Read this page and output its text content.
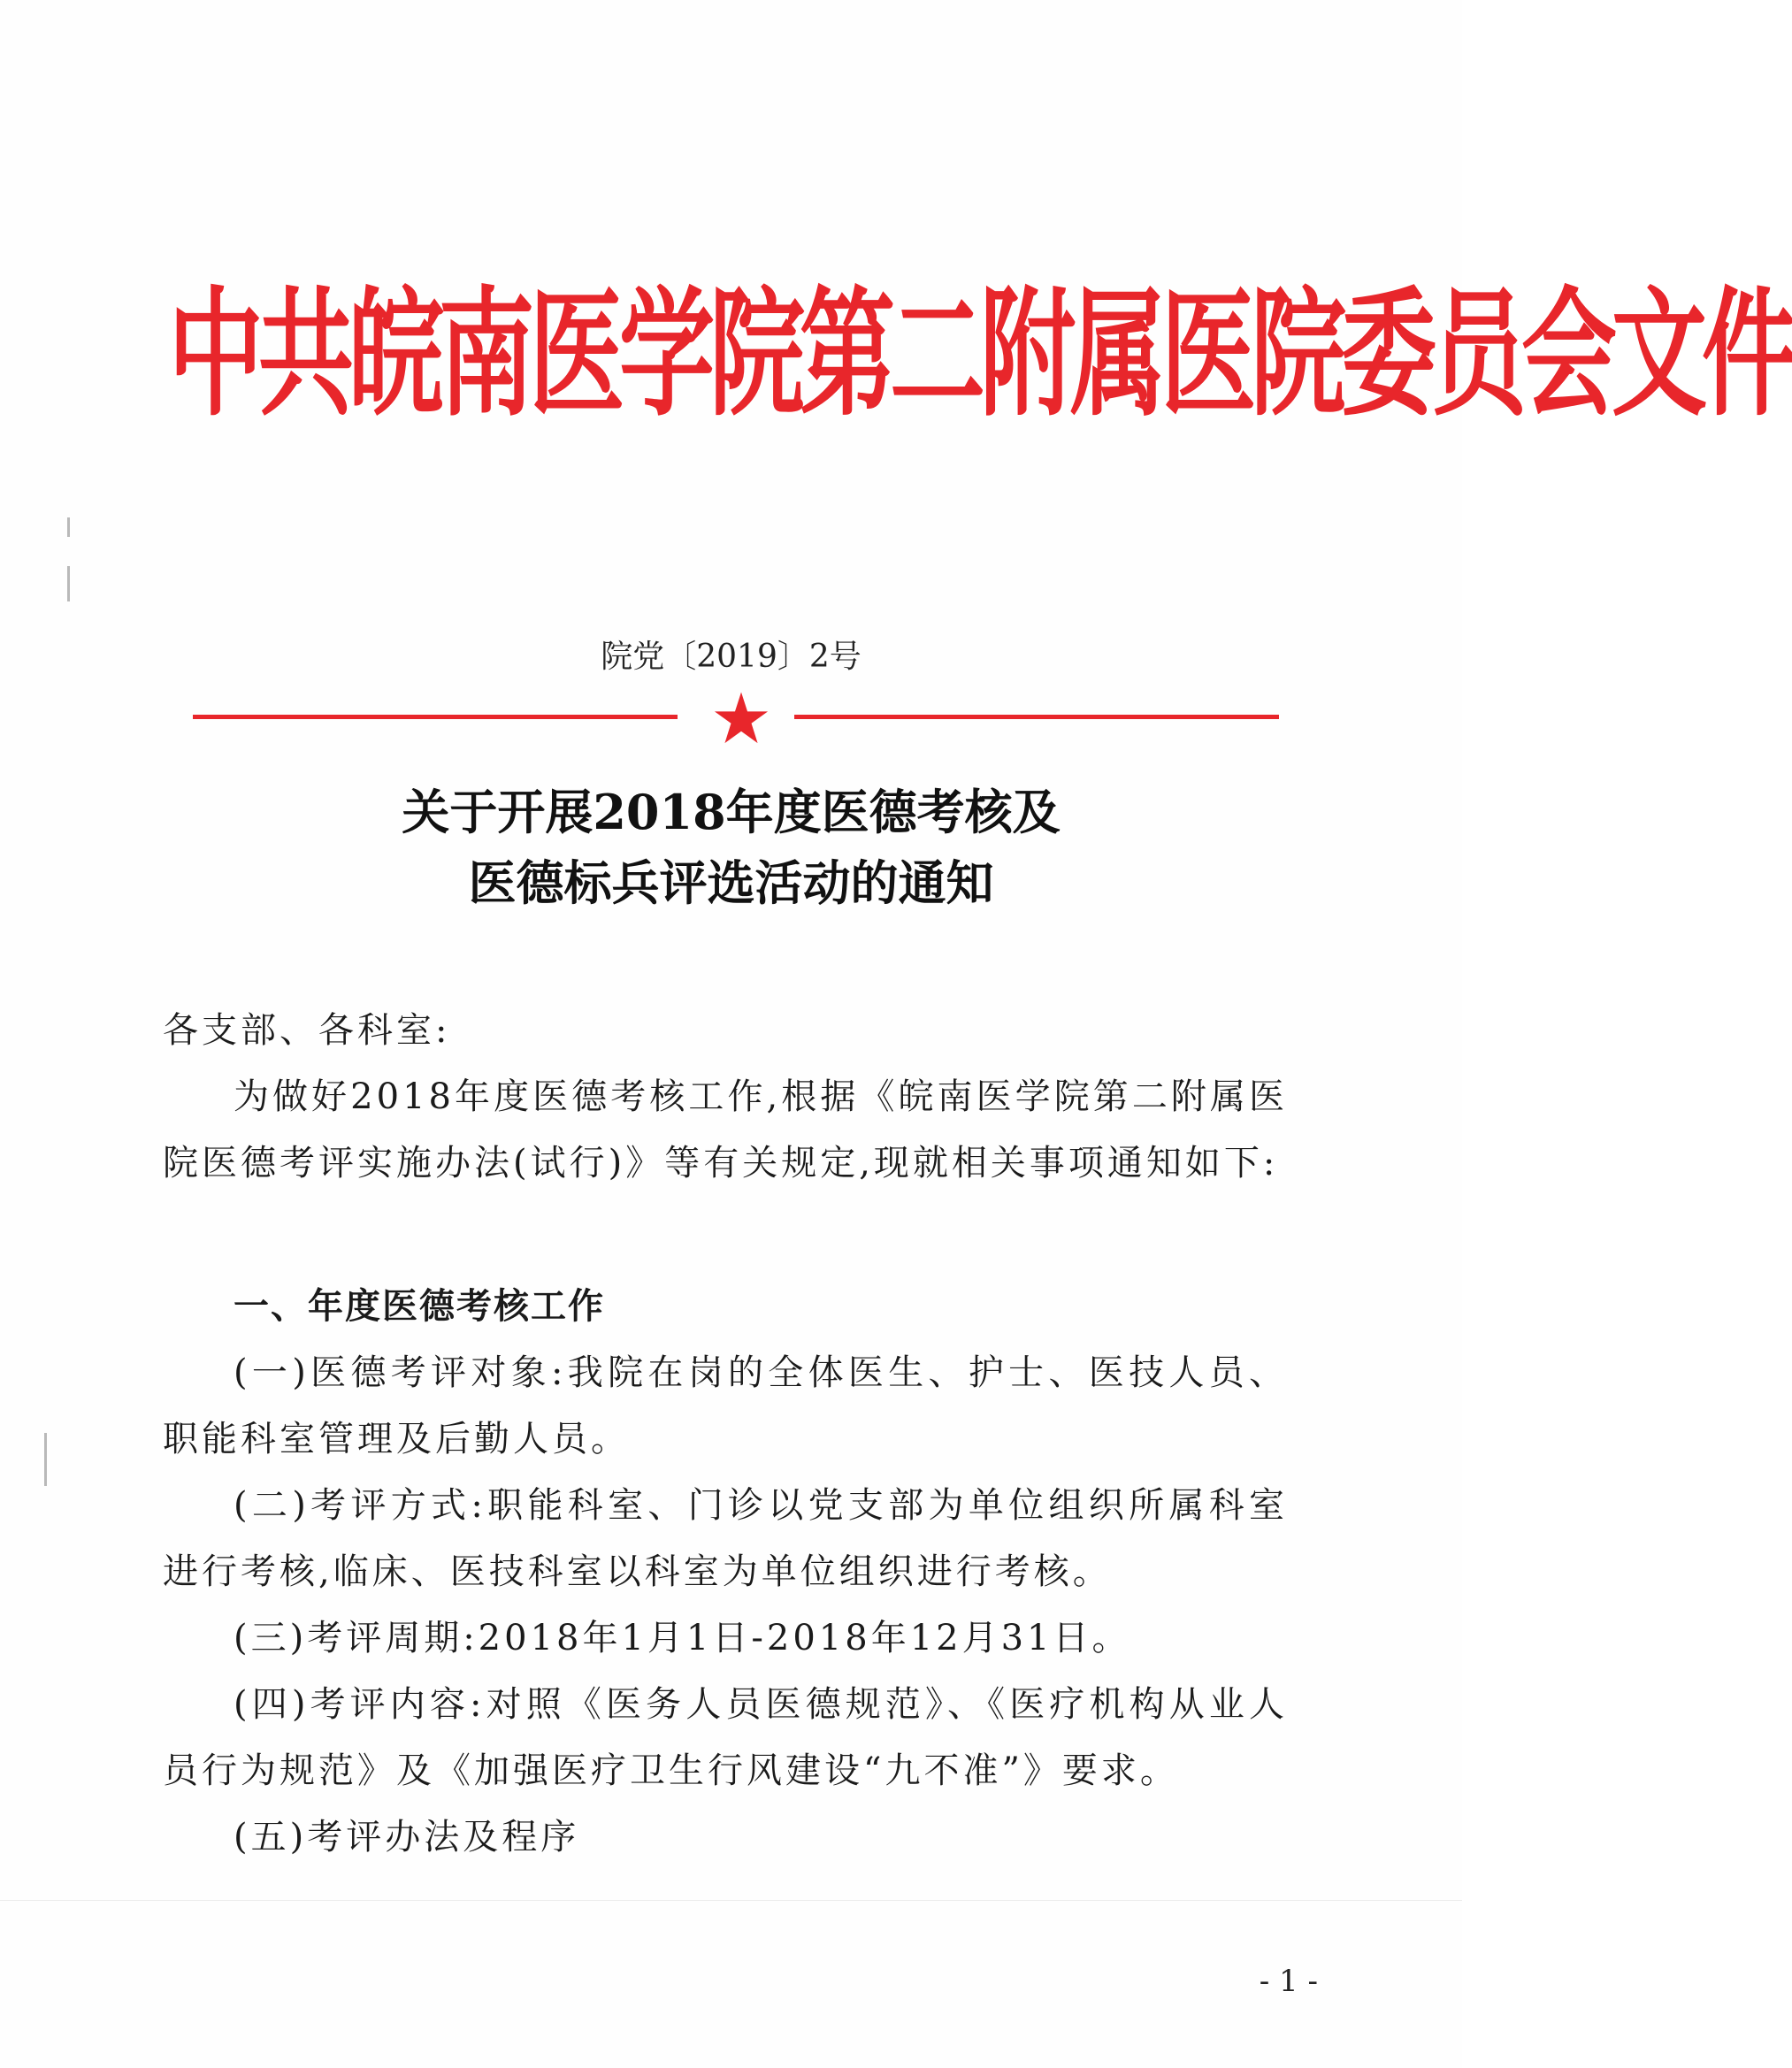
中共皖南医学院第二附属医院委员会文件
院党〔2019〕2号
关于开展2018年度医德考核及
医德标兵评选活动的通知

各支部、各科室:

为做好2018年度医德考核工作,根据《皖南医学院第二附属医院医德考评实施办法(试行)》等有关规定,现就相关事项通知如下:

一、年度医德考核工作

(一)医德考评对象:我院在岗的全体医生、护士、医技人员、职能科室管理及后勤人员。

(二)考评方式:职能科室、门诊以党支部为单位组织所属科室进行考核,临床、医技科室以科室为单位组织进行考核。

(三)考评周期:2018年1月1日-2018年12月31日。

(四)考评内容:对照《医务人员医德规范》、《医疗机构从业人员行为规范》及《加强医疗卫生行风建设“九不准”》要求。

(五)考评办法及程序

- 1 -
